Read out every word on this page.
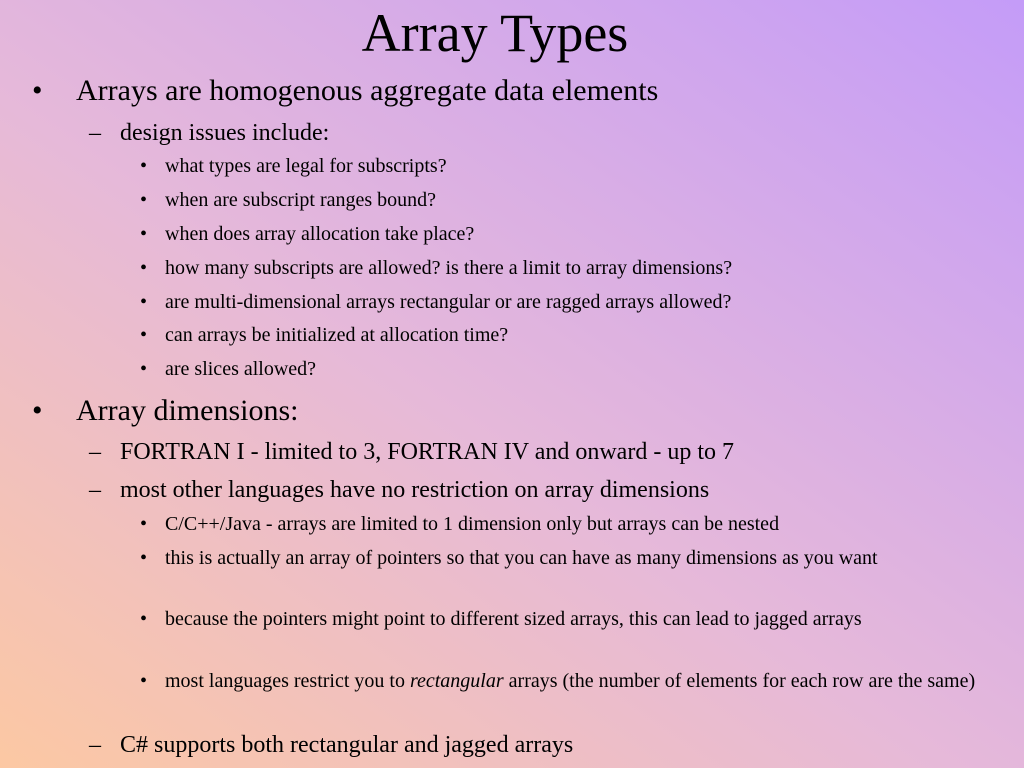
Array Types
• Arrays are homogenous aggregate data elements
– design issues include:
• what types are legal for subscripts?
• when are subscript ranges bound?
• when does array allocation take place?
• how many subscripts are allowed? is there a limit to array dimensions?
• are multi-dimensional arrays rectangular or are ragged arrays allowed?
• can arrays be initialized at allocation time?
• are slices allowed?
• Array dimensions:
– FORTRAN I - limited to 3, FORTRAN IV and onward - up to 7
– most other languages have no restriction on array dimensions
• C/C++/Java - arrays are limited to 1 dimension only but arrays can be nested
• this is actually an array of pointers so that you can have as many dimensions as you want
• because the pointers might point to different sized arrays, this can lead to jagged arrays
• most languages restrict you to rectangular arrays (the number of elements for each row are the same)
– C# supports both rectangular and jagged arrays
